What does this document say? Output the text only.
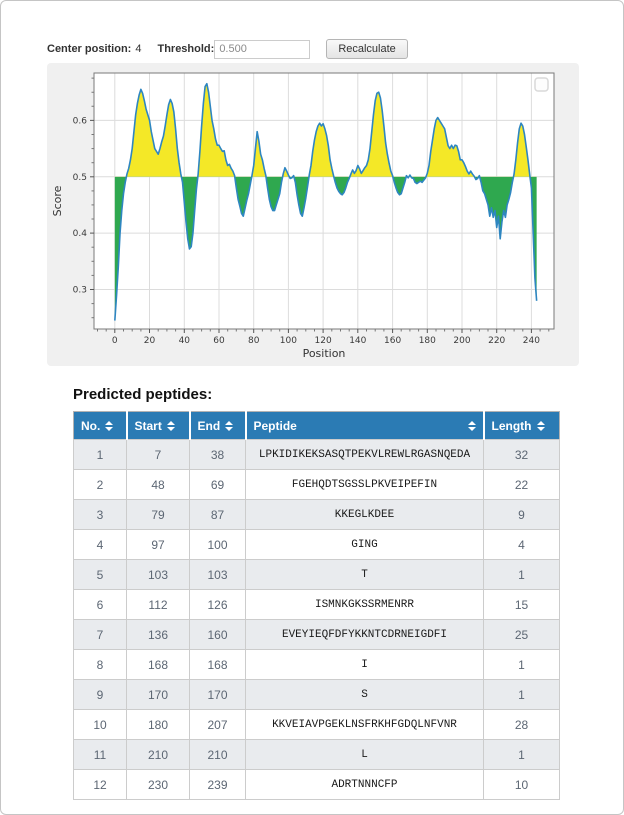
Center position: 4 Threshold:
0.500	Recalculate
0	20	40	60	80 100 120 140 160 180 200 220 240
0.3
0.4
0.5
0.6
Position
Score
Predicted peptides:
No.	Start	End	Peptide	Length

1	7	38	LPKIDIKEKSASQTPEKVLREWLRGASNQEDA	32
2	48	69	FGEHQDTSGSSLPKVEIPEFIN	22
3	79	87	KKEGLKDEE	9
4	97	100	GING	4
5	103	103	T	1
6	112	126	ISMNKGKSSRMENRR	15
7	136	160	EVEYIEQFDFYKKNTCDRNEIGDFI	25
8	168	168	I	1
9	170	170	S	1
10	180	207	KKVEIAVPGEKLNSFRKHFGDQLNFVNR	28
11	210	210	L	1
12	230	239	ADRTNNNCFP	10
